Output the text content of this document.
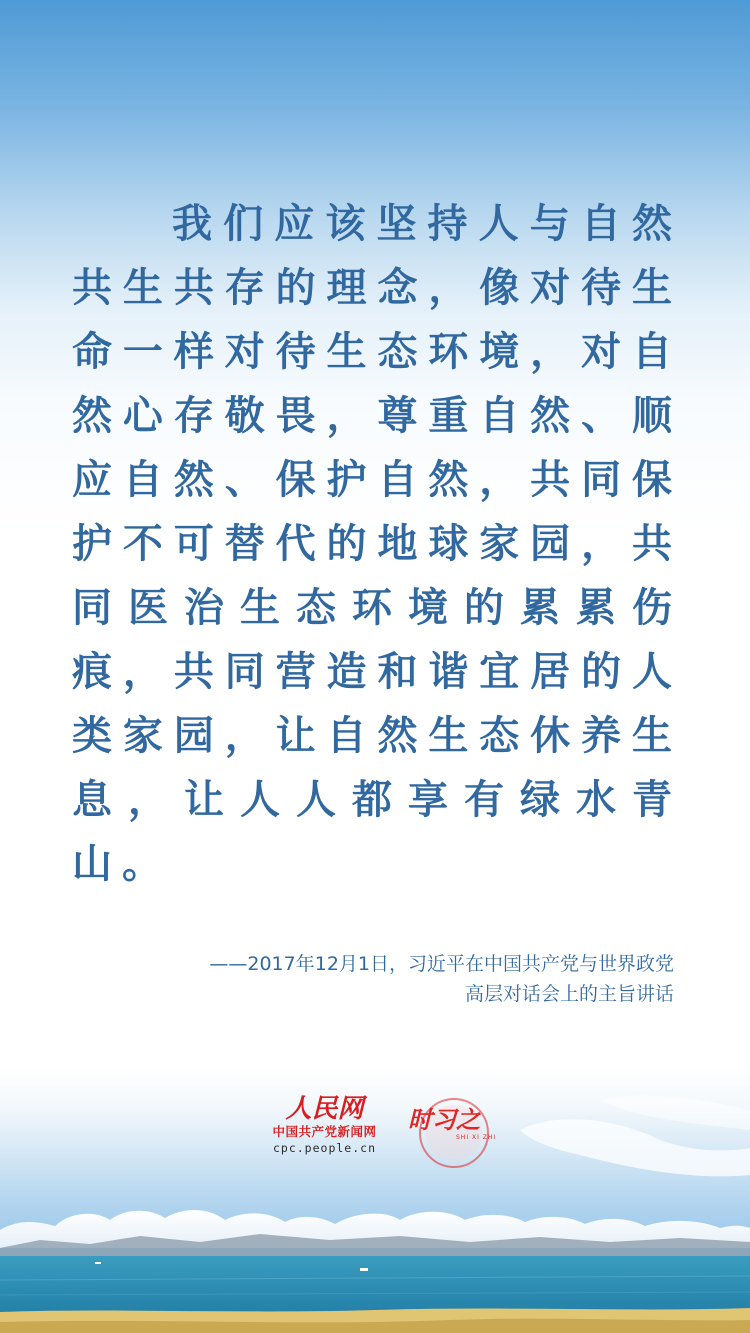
我们应该坚持人与自然共生共存的理念，像对待生命一样对待生态环境，对自然心存敬畏，尊重自然、顺应自然、保护自然，共同保护不可替代的地球家园，共同医治生态环境的累累伤痕，共同营造和谐宜居的人类家园，让自然生态休养生息，让人人都享有绿水青山。

——2017年12月1日，习近平在中国共产党与世界政党
高层对话会上的主旨讲话
人民网
中国共产党新闻网
cpc.people.cn
时习之
SHI XI ZHI
